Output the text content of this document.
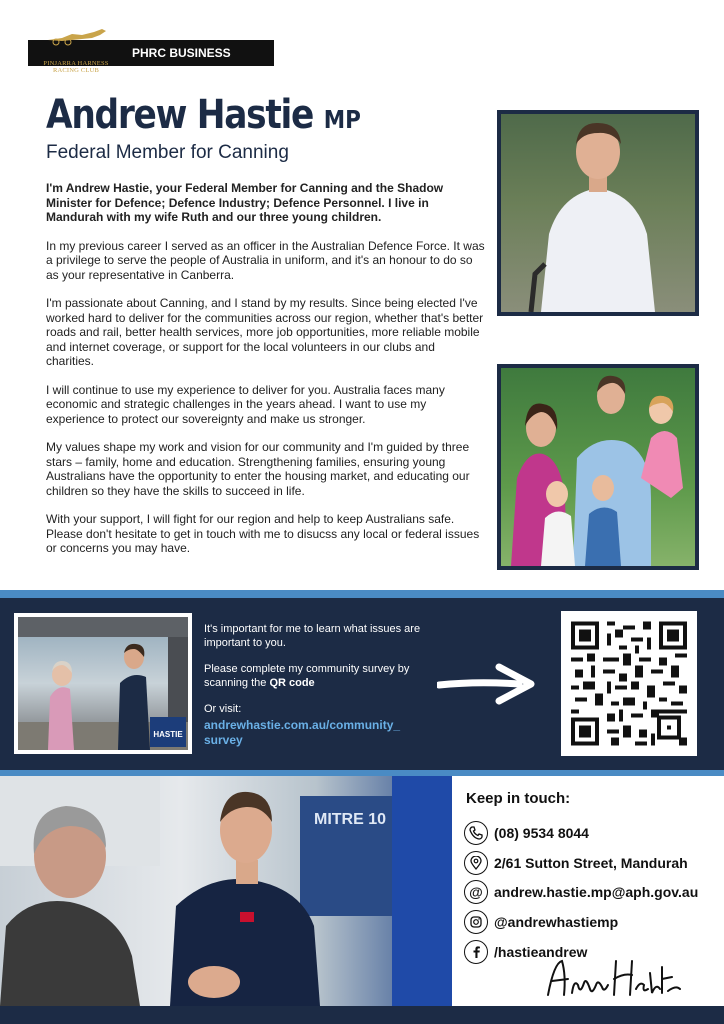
PINJARRA HARNESS
RACING CLUB
PHRC BUSINESS FOCUS
Andrew Hastie MP
Federal Member for Canning

I'm Andrew Hastie, your Federal Member for Canning and the Shadow Minister for Defence; Defence Industry; Defence Personnel. I live in Mandurah with my wife Ruth and our three young children.

In my previous career I served as an officer in the Australian Defence Force. It was a privilege to serve the people of Australia in uniform, and it's an honour to do so as your representative in Canberra.

I'm passionate about Canning, and I stand by my results. Since being elected I've worked hard to deliver for the communities across our region, whether that's better roads and rail, better health services, more job opportunities, more reliable mobile and internet coverage, or support for the local volunteers in our clubs and charities.

I will continue to use my experience to deliver for you. Australia faces many economic and strategic challenges in the years ahead. I want to use my experience to protect our sovereignty and make us stronger.

My values shape my work and vision for our community and I'm guided by three stars – family, home and education. Strengthening families, ensuring young Australians have the opportunity to enter the housing market, and educating our children so they have the skills to succeed in life.

With your support, I will fight for our region and help to keep Australians safe. Please don't hesitate to get in touch with me to disucss any local or federal issues or concerns you may have.

HASTIE

It's important for me to learn what issues are important to you.

Please complete my community survey by scanning the QR code

Or visit:

andrewhastie.com.au/community_
survey
MITRE 10
Keep in touch:
(08) 9534 8044
2/61 Sutton Street, Mandurah
@ andrew.hastie.mp@aph.gov.au
@andrewhastiemp
/hastieandrew
